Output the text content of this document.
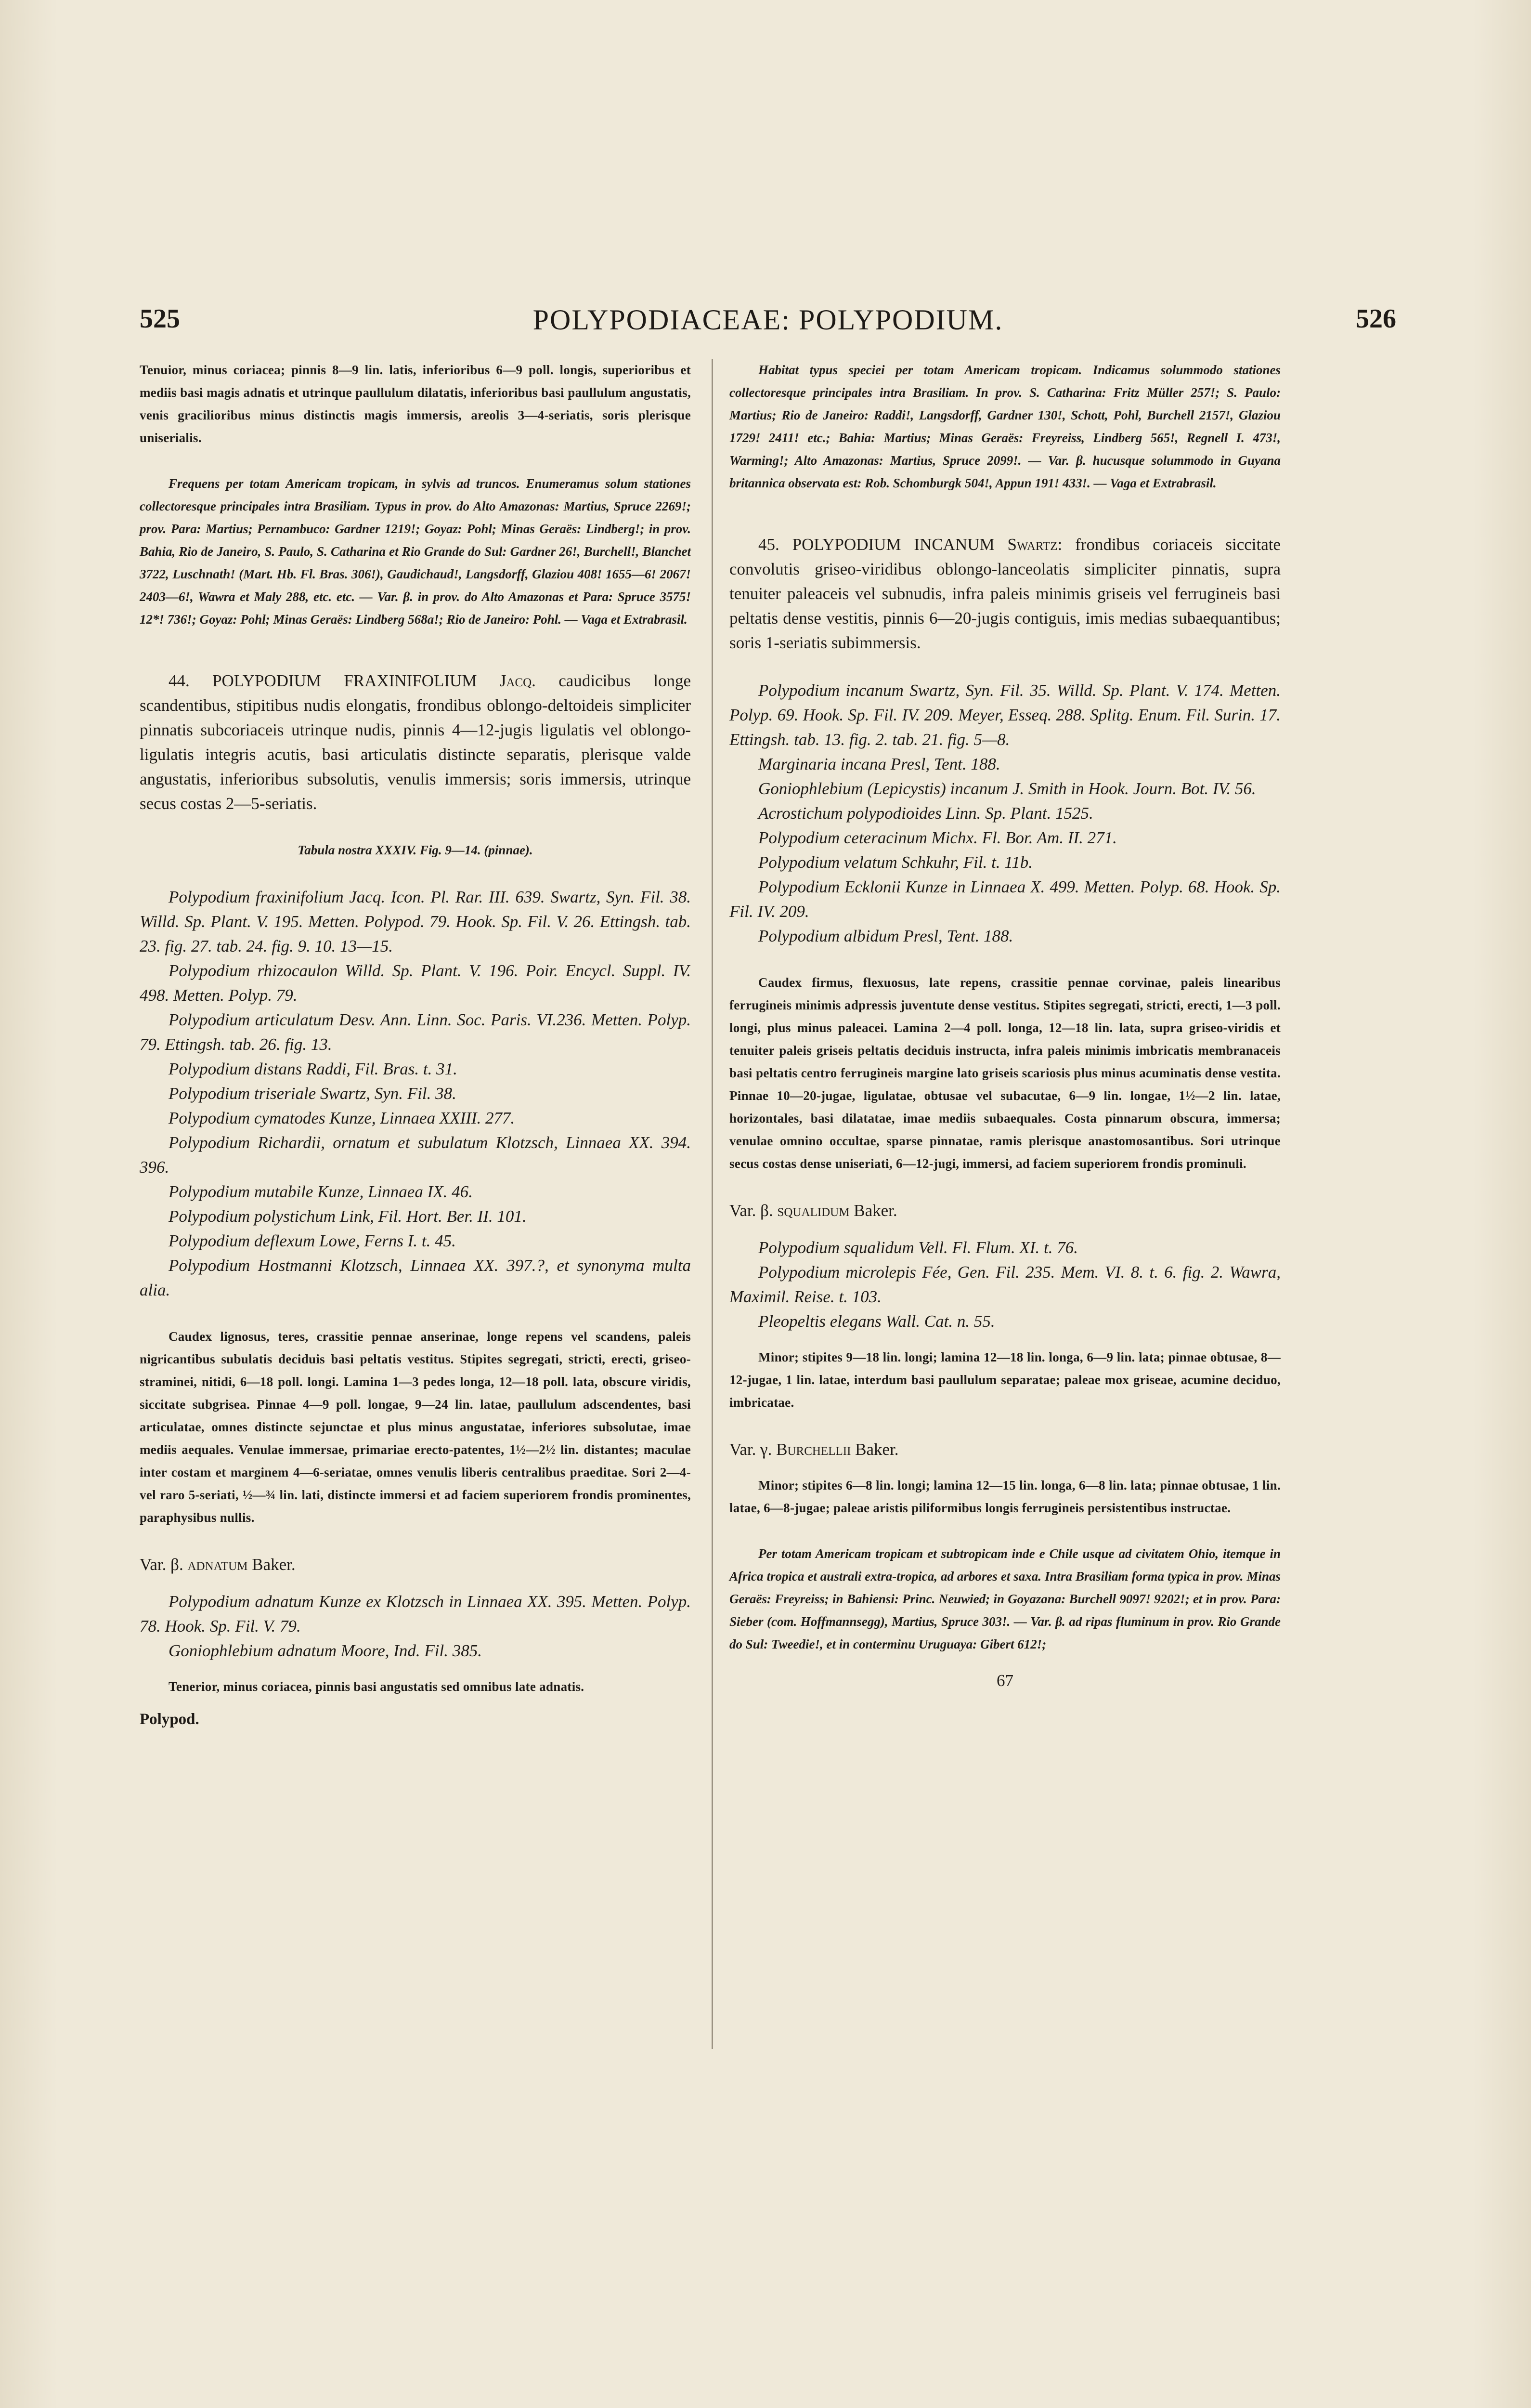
525	POLYPODIACEAE: POLYPODIUM.	526

Tenuior, minus coriacea; pinnis 8—9 lin. latis, inferioribus 6—9 poll. longis, superioribus et mediis basi magis adnatis et utrinque paullulum dilatatis, inferioribus basi paullulum angustatis, venis gracilioribus minus distinctis magis immersis, areolis 3—4-seriatis, soris plerisque uniserialis.

Frequens per totam Americam tropicam, in sylvis ad truncos. Enumeramus solum stationes collectoresque principales intra Brasiliam. Typus in prov. do Alto Amazonas: Martius, Spruce 2269!; prov. Para: Martius; Pernambuco: Gardner 1219!; Goyaz: Pohl; Minas Geraës: Lindberg!; in prov. Bahia, Rio de Janeiro, S. Paulo, S. Catharina et Rio Grande do Sul: Gardner 26!, Burchell!, Blanchet 3722, Luschnath! (Mart. Hb. Fl. Bras. 306!), Gaudichaud!, Langsdorff, Glaziou 408! 1655—6! 2067! 2403—6!, Wawra et Maly 288, etc. etc. — Var. β. in prov. do Alto Amazonas et Para: Spruce 3575! 12*! 736!; Goyaz: Pohl; Minas Geraës: Lindberg 568a!; Rio de Janeiro: Pohl. — Vaga et Extrabrasil.

44. POLYPODIUM FRAXINIFOLIUM Jacq. caudicibus longe scandentibus, stipitibus nudis elongatis, frondibus oblongo-deltoideis simpliciter pinnatis subcoriaceis utrinque nudis, pinnis 4—12-jugis ligulatis vel oblongo-ligulatis integris acutis, basi articulatis distincte separatis, plerisque valde angustatis, inferioribus subsolutis, venulis immersis; soris immersis, utrinque secus costas 2—5-seriatis.

Tabula nostra XXXIV. Fig. 9—14. (pinnae).

Polypodium fraxinifolium Jacq. Icon. Pl. Rar. III. 639. Swartz, Syn. Fil. 38. Willd. Sp. Plant. V. 195. Metten. Polypod. 79. Hook. Sp. Fil. V. 26. Ettingsh. tab. 23. fig. 27. tab. 24. fig. 9. 10. 13—15.

Polypodium rhizocaulon Willd. Sp. Plant. V. 196. Poir. Encycl. Suppl. IV. 498. Metten. Polyp. 79.

Polypodium articulatum Desv. Ann. Linn. Soc. Paris. VI.236. Metten. Polyp. 79. Ettingsh. tab. 26. fig. 13.

Polypodium distans Raddi, Fil. Bras. t. 31.

Polypodium triseriale Swartz, Syn. Fil. 38.

Polypodium cymatodes Kunze, Linnaea XXIII. 277.

Polypodium Richardii, ornatum et subulatum Klotzsch, Linnaea XX. 394. 396.

Polypodium mutabile Kunze, Linnaea IX. 46.

Polypodium polystichum Link, Fil. Hort. Ber. II. 101.

Polypodium deflexum Lowe, Ferns I. t. 45.

Polypodium Hostmanni Klotzsch, Linnaea XX. 397.?, et synonyma multa alia.

Caudex lignosus, teres, crassitie pennae anserinae, longe repens vel scandens, paleis nigricantibus subulatis deciduis basi peltatis vestitus. Stipites segregati, stricti, erecti, griseo-straminei, nitidi, 6—18 poll. longi. Lamina 1—3 pedes longa, 12—18 poll. lata, obscure viridis, siccitate subgrisea. Pinnae 4—9 poll. longae, 9—24 lin. latae, paullulum adscendentes, basi articulatae, omnes distincte sejunctae et plus minus angustatae, inferiores subsolutae, imae mediis aequales. Venulae immersae, primariae erecto-patentes, 1½—2½ lin. distantes; maculae inter costam et marginem 4—6-seriatae, omnes venulis liberis centralibus praeditae. Sori 2—4- vel raro 5-seriati, ½—¾ lin. lati, distincte immersi et ad faciem superiorem frondis prominentes, paraphysibus nullis.

Var. β. adnatum Baker.

Polypodium adnatum Kunze ex Klotzsch in Linnaea XX. 395. Metten. Polyp. 78. Hook. Sp. Fil. V. 79.

Goniophlebium adnatum Moore, Ind. Fil. 385.

Tenerior, minus coriacea, pinnis basi angustatis sed omnibus late adnatis.

Polypod.

Habitat typus speciei per totam Americam tropicam. Indicamus solummodo stationes collectoresque principales intra Brasiliam. In prov. S. Catharina: Fritz Müller 257!; S. Paulo: Martius; Rio de Janeiro: Raddi!, Langsdorff, Gardner 130!, Schott, Pohl, Burchell 2157!, Glaziou 1729! 2411! etc.; Bahia: Martius; Minas Geraës: Freyreiss, Lindberg 565!, Regnell I. 473!, Warming!; Alto Amazonas: Martius, Spruce 2099!. — Var. β. hucusque solummodo in Guyana britannica observata est: Rob. Schomburgk 504!, Appun 191! 433!. — Vaga et Extrabrasil.

45. POLYPODIUM INCANUM Swartz: frondibus coriaceis siccitate convolutis griseo-viridibus oblongo-lanceolatis simpliciter pinnatis, supra tenuiter paleaceis vel subnudis, infra paleis minimis griseis vel ferrugineis basi peltatis dense vestitis, pinnis 6—20-jugis contiguis, imis medias subaequantibus; soris 1-seriatis subimmersis.

Polypodium incanum Swartz, Syn. Fil. 35. Willd. Sp. Plant. V. 174. Metten. Polyp. 69. Hook. Sp. Fil. IV. 209. Meyer, Esseq. 288. Splitg. Enum. Fil. Surin. 17. Ettingsh. tab. 13. fig. 2. tab. 21. fig. 5—8.

Marginaria incana Presl, Tent. 188.

Goniophlebium (Lepicystis) incanum J. Smith in Hook. Journ. Bot. IV. 56.

Acrostichum polypodioides Linn. Sp. Plant. 1525.

Polypodium ceteracinum Michx. Fl. Bor. Am. II. 271.

Polypodium velatum Schkuhr, Fil. t. 11b.

Polypodium Ecklonii Kunze in Linnaea X. 499. Metten. Polyp. 68. Hook. Sp. Fil. IV. 209.

Polypodium albidum Presl, Tent. 188.

Caudex firmus, flexuosus, late repens, crassitie pennae corvinae, paleis linearibus ferrugineis minimis adpressis juventute dense vestitus. Stipites segregati, stricti, erecti, 1—3 poll. longi, plus minus paleacei. Lamina 2—4 poll. longa, 12—18 lin. lata, supra griseo-viridis et tenuiter paleis griseis peltatis deciduis instructa, infra paleis minimis imbricatis membranaceis basi peltatis centro ferrugineis margine lato griseis scariosis plus minus acuminatis dense vestita. Pinnae 10—20-jugae, ligulatae, obtusae vel subacutae, 6—9 lin. longae, 1½—2 lin. latae, horizontales, basi dilatatae, imae mediis subaequales. Costa pinnarum obscura, immersa; venulae omnino occultae, sparse pinnatae, ramis plerisque anastomosantibus. Sori utrinque secus costas dense uniseriati, 6—12-jugi, immersi, ad faciem superiorem frondis prominuli.

Var. β. squalidum Baker.

Polypodium squalidum Vell. Fl. Flum. XI. t. 76.

Polypodium microlepis Fée, Gen. Fil. 235. Mem. VI. 8. t. 6. fig. 2. Wawra, Maximil. Reise. t. 103.

Pleopeltis elegans Wall. Cat. n. 55.

Minor; stipites 9—18 lin. longi; lamina 12—18 lin. longa, 6—9 lin. lata; pinnae obtusae, 8—12-jugae, 1 lin. latae, interdum basi paullulum separatae; paleae mox griseae, acumine deciduo, imbricatae.

Var. γ. Burchellii Baker.

Minor; stipites 6—8 lin. longi; lamina 12—15 lin. longa, 6—8 lin. lata; pinnae obtusae, 1 lin. latae, 6—8-jugae; paleae aristis piliformibus longis ferrugineis persistentibus instructae.

Per totam Americam tropicam et subtropicam inde e Chile usque ad civitatem Ohio, itemque in Africa tropica et australi extra-tropica, ad arbores et saxa. Intra Brasiliam forma typica in prov. Minas Geraës: Freyreiss; in Bahiensi: Princ. Neuwied; in Goyazana: Burchell 9097! 9202!; et in prov. Para: Sieber (com. Hoffmannsegg), Martius, Spruce 303!. — Var. β. ad ripas fluminum in prov. Rio Grande do Sul: Tweedie!, et in conterminu Uruguaya: Gibert 612!;

67
